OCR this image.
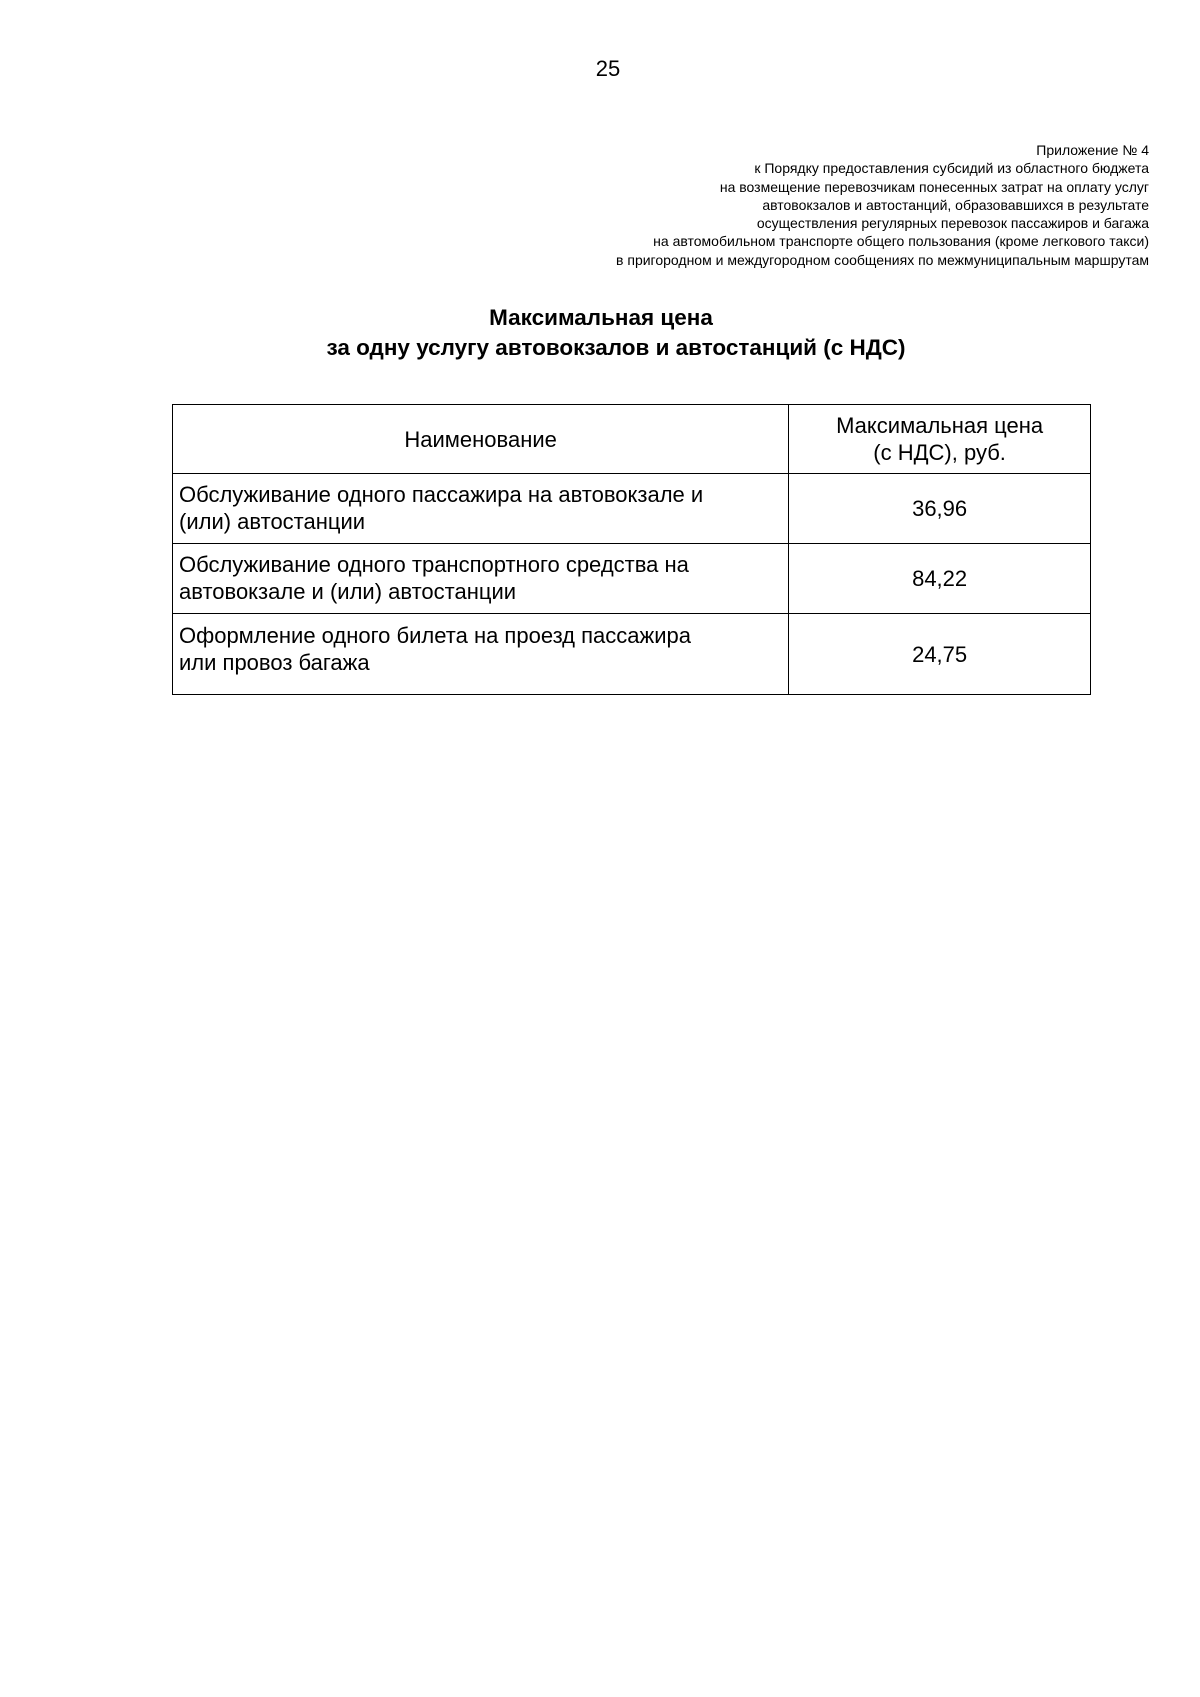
25
Приложение № 4
к Порядку предоставления субсидий из областного бюджета
на возмещение перевозчикам понесенных затрат на оплату услуг
автовокзалов и автостанций, образовавшихся в результате
осуществления регулярных перевозок пассажиров и багажа
на автомобильном транспорте общего пользования (кроме легкового такси)
в пригородном и междугородном сообщениях по межмуниципальным маршрутам
Максимальная цена
за одну услугу автовокзалов и автостанций (с НДС)
Наименование	Максимальная цена
(с НДС), руб.
Обслуживание одного пассажира на автовокзале и
(или) автостанции	36,96
Обслуживание одного транспортного средства на
автовокзале и (или) автостанции	84,22
Оформление одного билета на проезд пассажира
или провоз багажа	24,75
